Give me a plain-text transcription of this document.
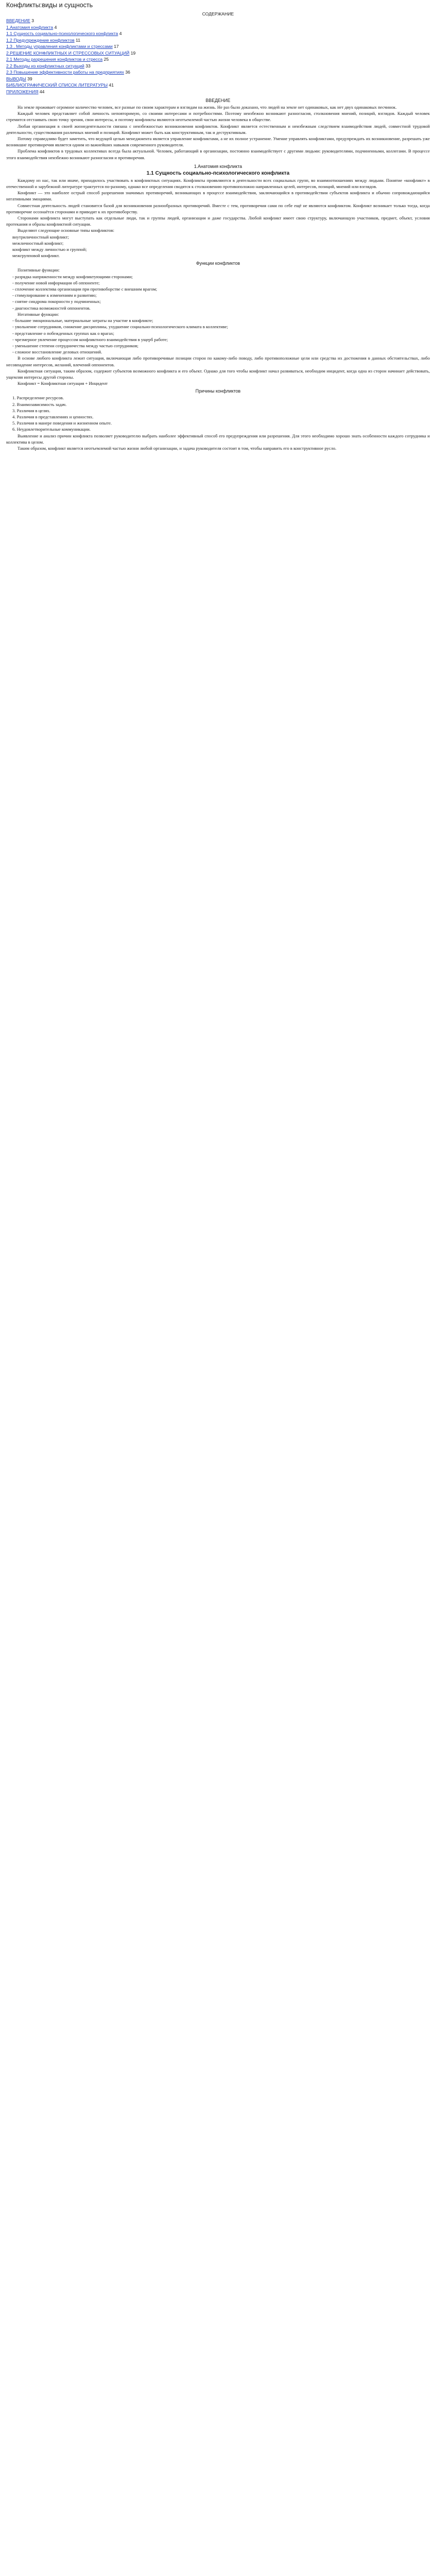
Конфликты:виды и сущность
СОДЕРЖАНИЕ
ВВЕДЕНИЕ 3
1.Анатомия конфликта 4
1.1 Сущность социально-психологического конфликта 4
1.2 Предупреждение конфликтов 11
1.3 . Методы управления конфликтами и стрессами 17
2.РЕШЕНИЕ КОНФЛИКТНЫХ И СТРЕССОВЫХ СИТУАЦИЙ 19
2.1 Методы разрешения конфликтов и стресса 25
2.2 Выходы из конфликтных ситуаций 33
2.3 Повышение эффективности работы на предприятиях 36
ВЫВОДЫ 39
БИБЛИОГРАФИЧЕСКИЙ СПИСОК ЛИТЕРАТУРЫ 41
ПРИЛОЖЕНИЯ 44
ВВЕДЕНИЕ

На земле проживает огромное количество человек, все разные по своим характерам и взглядам на жизнь. Не раз было доказано, что людей на земле нет одинаковых, как нет двух одинаковых песчинок.

Каждый человек представляет собой личность неповторимую, со своими интересами и потребностями. Поэтому неизбежно возникают разногласия, столкновения мнений, позиций, взглядов. Каждый человек стремится отстаивать свою точку зрения, свои интересы, и поэтому конфликты являются неотъемлемой частью жизни человека в обществе.

Любая организация в своей жизнедеятельности связана с неизбежностью возникновения конфликтов. Конфликт является естественным и неизбежным следствием взаимодействия людей, совместной трудовой деятельности, существования различных мнений и позиций. Конфликт может быть как конструктивным, так и деструктивным.

Потому справедливо будет заметить, что ведущей целью менеджмента является управление конфликтами, а не их полное устранение. Умение управлять конфликтами, предупреждать их возникновение, разрешать уже возникшие противоречия является одним из важнейших навыков современного руководителя.

Проблема конфликтов в трудовых коллективах всегда была актуальной. Человек, работающий в организации, постоянно взаимодействует с другими людьми: руководителями, подчиненными, коллегами. В процессе этого взаимодействия неизбежно возникают разногласия и противоречия.

1.Анатомия конфликта
1.1 Сущность социально-психологического конфликта

Каждому из нас, так или иначе, приходилось участвовать в конфликтных ситуациях. Конфликты проявляются в деятельности всех социальных групп, во взаимоотношениях между людьми. Понятие «конфликт» в отечественной и зарубежной литературе трактуется по-разному, однако все определения сводятся к столкновению противоположно направленных целей, интересов, позиций, мнений или взглядов.

Конфликт — это наиболее острый способ разрешения значимых противоречий, возникающих в процессе взаимодействия, заключающийся в противодействии субъектов конфликта и обычно сопровождающийся негативными эмоциями.

Совместная деятельность людей становится базой для возникновения разнообразных противоречий. Вместе с тем, противоречия сами по себе ещё не являются конфликтом. Конфликт возникает только тогда, когда противоречие осознаётся сторонами и приводит к их противоборству.

Сторонами конфликта могут выступать как отдельные люди, так и группы людей, организации и даже государства. Любой конфликт имеет свою структуру, включающую участников, предмет, объект, условия протекания и образы конфликтной ситуации.

Выделяют следующие основные типы конфликтов:

внутриличностный конфликт;

межличностный конфликт;

конфликт между личностью и группой;

межгрупповой конфликт.

Функции конфликтов

Позитивные функции:

- разрядка напряженности между конфликтующими сторонами;

- получение новой информации об оппоненте;

- сплочение коллектива организации при противоборстве с внешним врагом;

- стимулирование к изменениям и развитию;

- снятие синдрома покорности у подчиненных;

- диагностика возможностей оппонентов.

Негативные функции:

- большие эмоциональные, материальные затраты на участие в конфликте;

- увольнение сотрудников, снижение дисциплины, ухудшение социально-психологического климата в коллективе;

- представление о побежденных группах как о врагах;

- чрезмерное увлечение процессом конфликтного взаимодействия в ущерб работе;

- уменьшение степени сотрудничества между частью сотрудников;

- сложное восстановление деловых отношений.

В основе любого конфликта лежит ситуация, включающая либо противоречивые позиции сторон по какому-либо поводу, либо противоположные цели или средства их достижения в данных обстоятельствах, либо несовпадение интересов, желаний, влечений оппонентов.

Конфликтная ситуация, таким образом, содержит субъектов возможного конфликта и его объект. Однако для того чтобы конфликт начал развиваться, необходим инцидент, когда одна из сторон начинает действовать, ущемляя интересы другой стороны.

Конфликт = Конфликтная ситуация + Инцидент

Причины конфликтов

1. Распределение ресурсов.

2. Взаимозависимость задач.

3. Различия в целях.

4. Различия в представлениях и ценностях.

5. Различия в манере поведения и жизненном опыте.

6. Неудовлетворительные коммуникации.

Выявление и анализ причин конфликта позволяет руководителю выбрать наиболее эффективный способ его предупреждения или разрешения. Для этого необходимо хорошо знать особенности каждого сотрудника и коллектива в целом.

Таким образом, конфликт является неотъемлемой частью жизни любой организации, и задача руководителя состоит в том, чтобы направить его в конструктивное русло.
